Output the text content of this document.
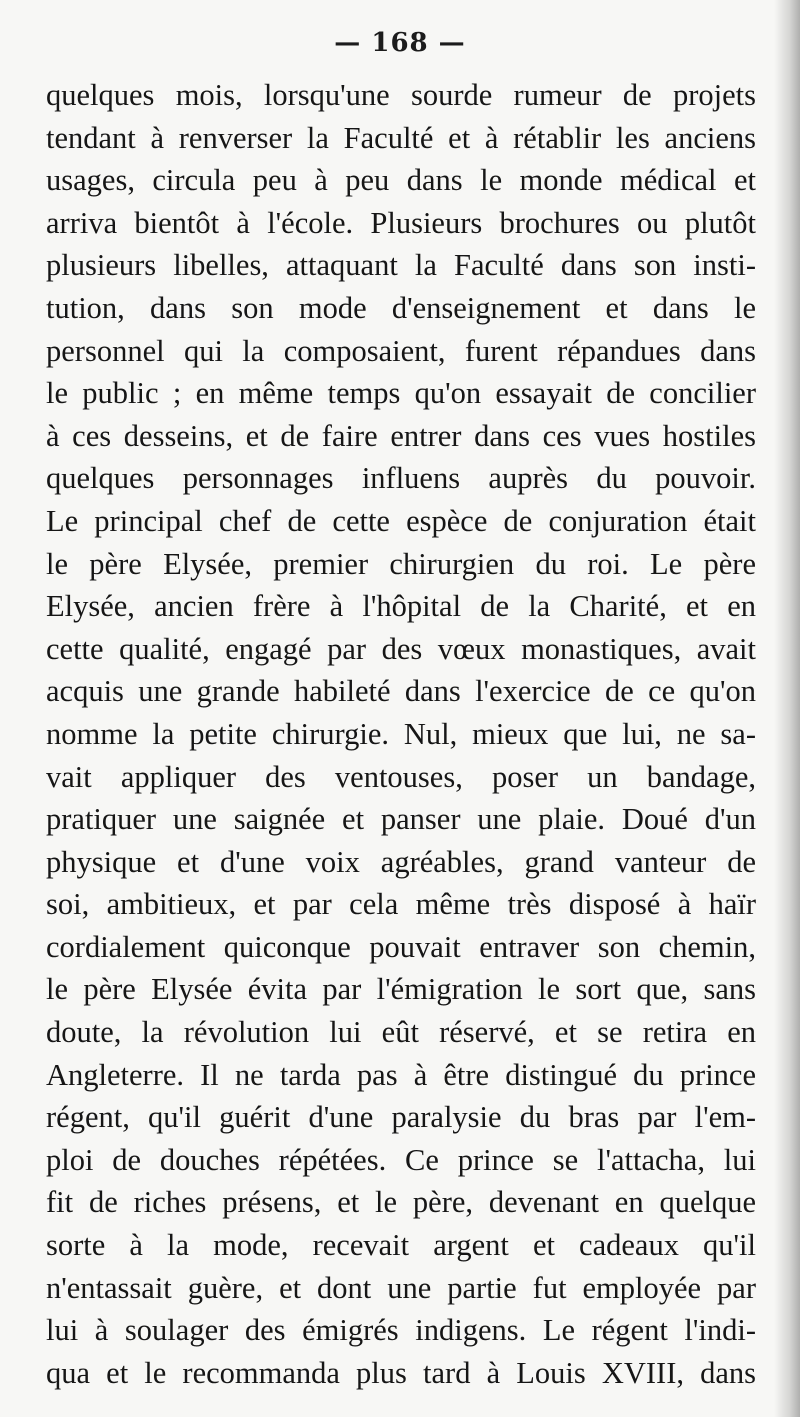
— 168 —
quelques mois, lorsqu'une sourde rumeur de projets
tendant à renverser la Faculté et à rétablir les anciens
usages, circula peu à peu dans le monde médical et
arriva bientôt à l'école. Plusieurs brochures ou plutôt
plusieurs libelles, attaquant la Faculté dans son insti-
tution, dans son mode d'enseignement et dans le
personnel qui la composaient, furent répandues dans
le public ; en même temps qu'on essayait de concilier
à ces desseins, et de faire entrer dans ces vues hostiles
quelques personnages influens auprès du pouvoir.
Le principal chef de cette espèce de conjuration était
le père Elysée, premier chirurgien du roi. Le père
Elysée, ancien frère à l'hôpital de la Charité, et en
cette qualité, engagé par des vœux monastiques, avait
acquis une grande habileté dans l'exercice de ce qu'on
nomme la petite chirurgie. Nul, mieux que lui, ne sa-
vait appliquer des ventouses, poser un bandage,
pratiquer une saignée et panser une plaie. Doué d'un
physique et d'une voix agréables, grand vanteur de
soi, ambitieux, et par cela même très disposé à haïr
cordialement quiconque pouvait entraver son chemin,
le père Elysée évita par l'émigration le sort que, sans
doute, la révolution lui eût réservé, et se retira en
Angleterre. Il ne tarda pas à être distingué du prince
régent, qu'il guérit d'une paralysie du bras par l'em-
ploi de douches répétées. Ce prince se l'attacha, lui
fit de riches présens, et le père, devenant en quelque
sorte à la mode, recevait argent et cadeaux qu'il
n'entassait guère, et dont une partie fut employée par
lui à soulager des émigrés indigens. Le régent l'indi-
qua et le recommanda plus tard à Louis XVIII, dans
